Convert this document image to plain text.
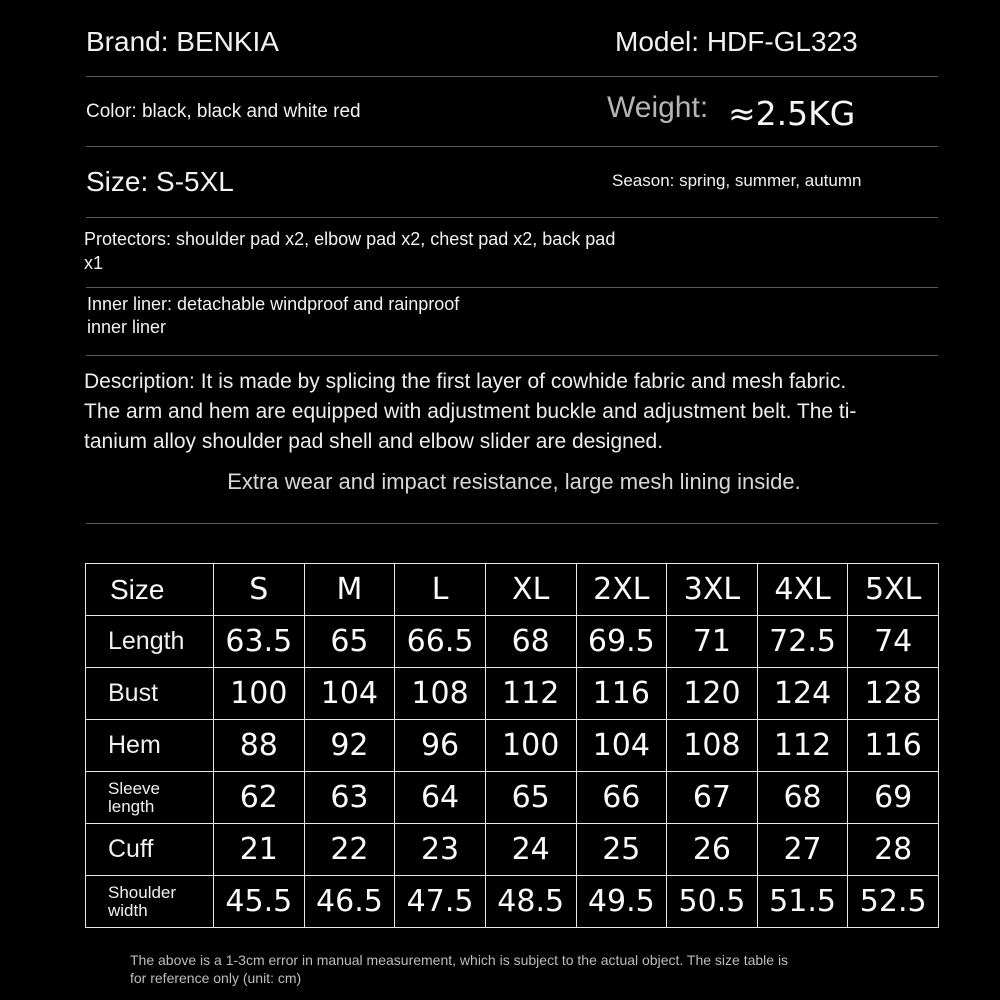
Brand: BENKIA	Model: HDF-GL323
Color: black, black and white red	Weight: ≈2.5KG
Size: S-5XL	Season: spring, summer, autumn
Protectors: shoulder pad x2, elbow pad x2, chest pad x2, back pad
x1
Inner liner: detachable windproof and rainproof
inner liner
Description: It is made by splicing the first layer of cowhide fabric and mesh fabric.
The arm and hem are equipped with adjustment buckle and adjustment belt. The ti-
tanium alloy shoulder pad shell and elbow slider are designed.
Extra wear and impact resistance, large mesh lining inside.
Size	S	M	L	XL	2XL	3XL	4XL	5XL

Length	63.5	65	66.5	68	69.5	71	72.5	74

Bust	100	104	108	112	116	120	124	128

Hem	88	92	96	100	104	108	112	116

Sleeve
length	62	63	64	65	66	67	68	69

Cuff	21	22	23	24	25	26	27	28

Shoulder
width	45.5	46.5	47.5	48.5	49.5	50.5	51.5	52.5
The above is a 1-3cm error in manual measurement, which is subject to the actual object. The size table is
for reference only (unit: cm)
